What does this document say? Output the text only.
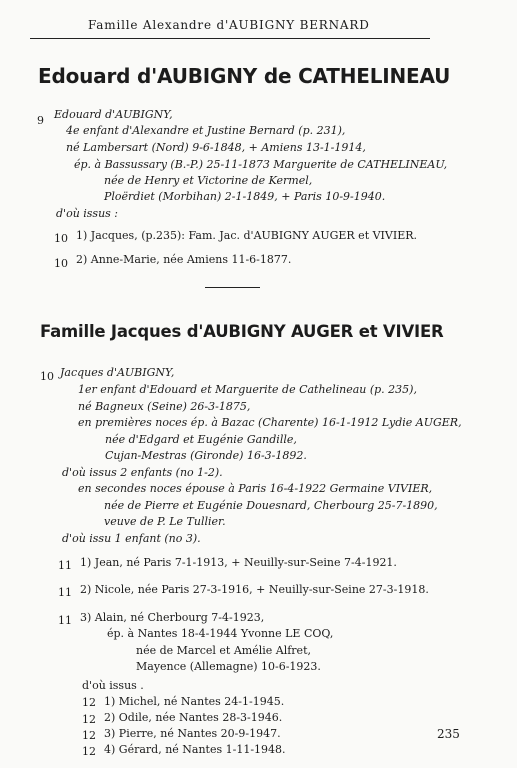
Famille Alexandre d'AUBIGNY BERNARD
Edouard d'AUBIGNY de CATHELINEAU
9 Edouard d'AUBIGNY,
4e enfant d'Alexandre et Justine Bernard (p. 231),
né Lambersart (Nord) 9-6-1848, + Amiens 13-1-1914,
ép. à Bassussary (B.-P.) 25-11-1873 Marguerite de CATHELINEAU,
née de Henry et Victorine de Kermel,
Ploërdiet (Morbihan) 2-1-1849, + Paris 10-9-1940.
d'où issus :
10 1) Jacques, (p.235): Fam. Jac. d'AUBIGNY AUGER et VIVIER.
10 2) Anne-Marie, née Amiens 11-6-1877.
Famille Jacques d'AUBIGNY AUGER et VIVIER
10 Jacques d'AUBIGNY,
1er enfant d'Edouard et Marguerite de Cathelineau (p. 235),
né Bagneux (Seine) 26-3-1875,
en premières noces ép. à Bazac (Charente) 16-1-1912 Lydie AUGER,
née d'Edgard et Eugénie Gandille,
Cujan-Mestras (Gironde) 16-3-1892.
d'où issus 2 enfants (no 1-2).
en secondes noces épouse à Paris 16-4-1922 Germaine VIVIER,
née de Pierre et Eugénie Douesnard, Cherbourg 25-7-1890,
veuve de P. Le Tullier.
d'où issu 1 enfant (no 3).
11 1) Jean, né Paris 7-1-1913, + Neuilly-sur-Seine 7-4-1921.
11 2) Nicole, née Paris 27-3-1916, + Neuilly-sur-Seine 27-3-1918.
11 3) Alain, né Cherbourg 7-4-1923,
ép. à Nantes 18-4-1944 Yvonne LE COQ,
née de Marcel et Amélie Alfret,
Mayence (Allemagne) 10-6-1923.
d'où issus .
12 1) Michel, né Nantes 24-1-1945.
12 2) Odile, née Nantes 28-3-1946.
12 3) Pierre, né Nantes 20-9-1947.
12 4) Gérard, né Nantes 1-11-1948.
235
